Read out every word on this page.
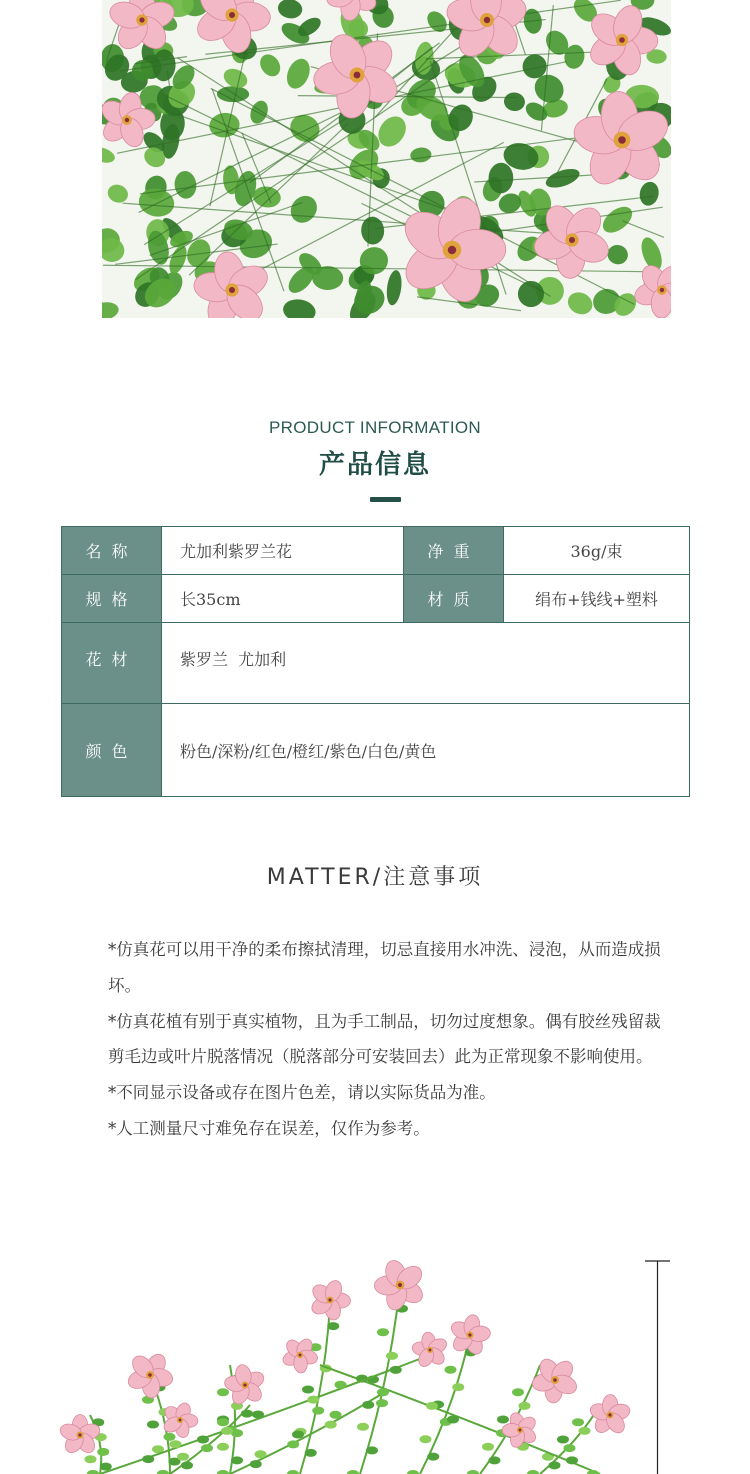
PRODUCT INFORMATION
产品信息
名称	尤加利紫罗兰花	净重	36g/束
规格	长35cm	材质	绢布+钱线+塑料
花材	紫罗兰  尤加利
颜色	粉色/深粉/红色/橙红/紫色/白色/黄色
MATTER/注意事项

*仿真花可以用干净的柔布擦拭清理，切忌直接用水冲洗、浸泡，从而造成损坏。

*仿真花植有别于真实植物，且为手工制品，切勿过度想象。偶有胶丝残留裁剪毛边或叶片脱落情况（脱落部分可安装回去）此为正常现象不影响使用。

*不同显示设备或存在图片色差，请以实际货品为准。

*人工测量尺寸难免存在误差，仅作为参考。
